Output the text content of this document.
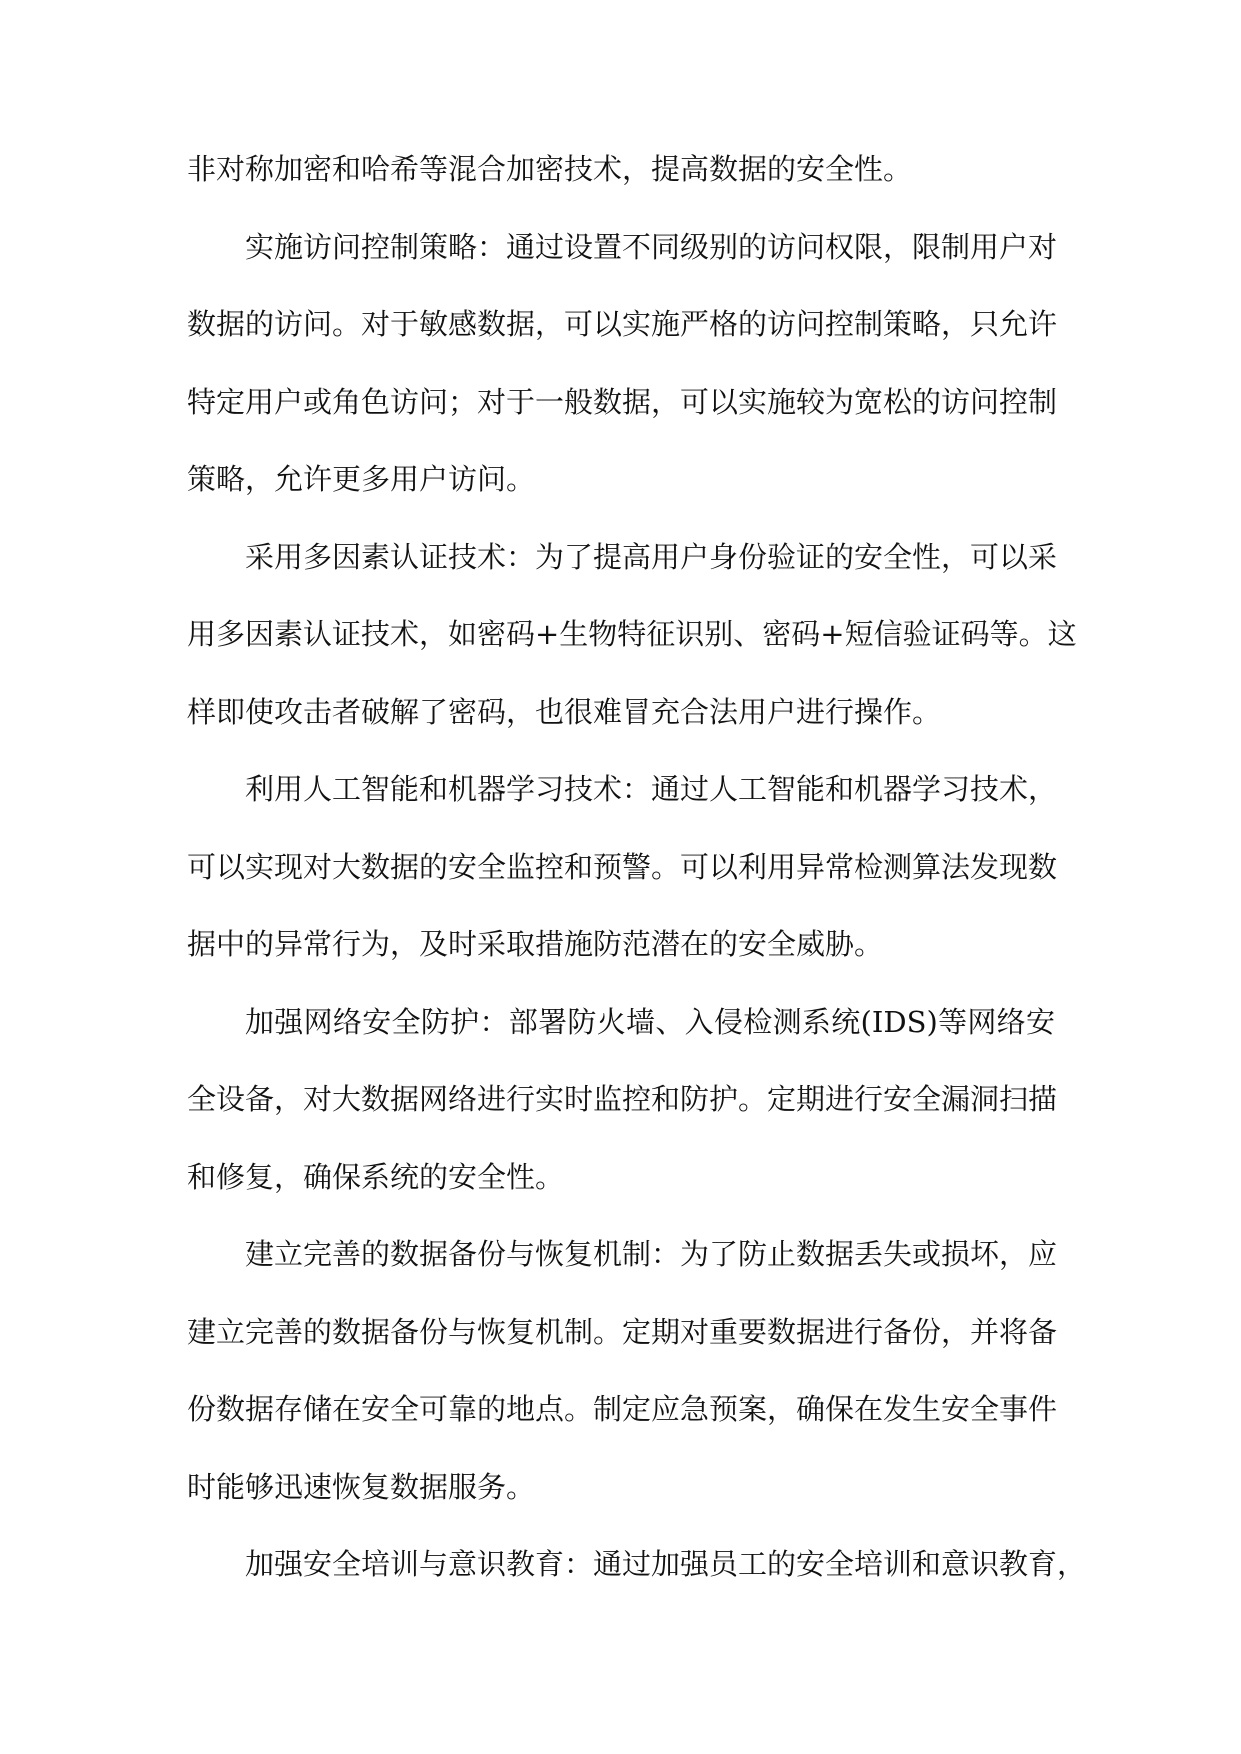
非对称加密和哈希等混合加密技术，提高数据的安全性。
实施访问控制策略：通过设置不同级别的访问权限，限制用户对
数据的访问。对于敏感数据，可以实施严格的访问控制策略，只允许
特定用户或角色访问；对于一般数据，可以实施较为宽松的访问控制
策略，允许更多用户访问。
采用多因素认证技术：为了提高用户身份验证的安全性，可以采
用多因素认证技术，如密码+生物特征识别、密码+短信验证码等。这
样即使攻击者破解了密码，也很难冒充合法用户进行操作。
利用人工智能和机器学习技术：通过人工智能和机器学习技术，
可以实现对大数据的安全监控和预警。可以利用异常检测算法发现数
据中的异常行为，及时采取措施防范潜在的安全威胁。
加强网络安全防护：部署防火墙、入侵检测系统(IDS)等网络安
全设备，对大数据网络进行实时监控和防护。定期进行安全漏洞扫描
和修复，确保系统的安全性。
建立完善的数据备份与恢复机制：为了防止数据丢失或损坏，应
建立完善的数据备份与恢复机制。定期对重要数据进行备份，并将备
份数据存储在安全可靠的地点。制定应急预案，确保在发生安全事件
时能够迅速恢复数据服务。
加强安全培训与意识教育：通过加强员工的安全培训和意识教育，
